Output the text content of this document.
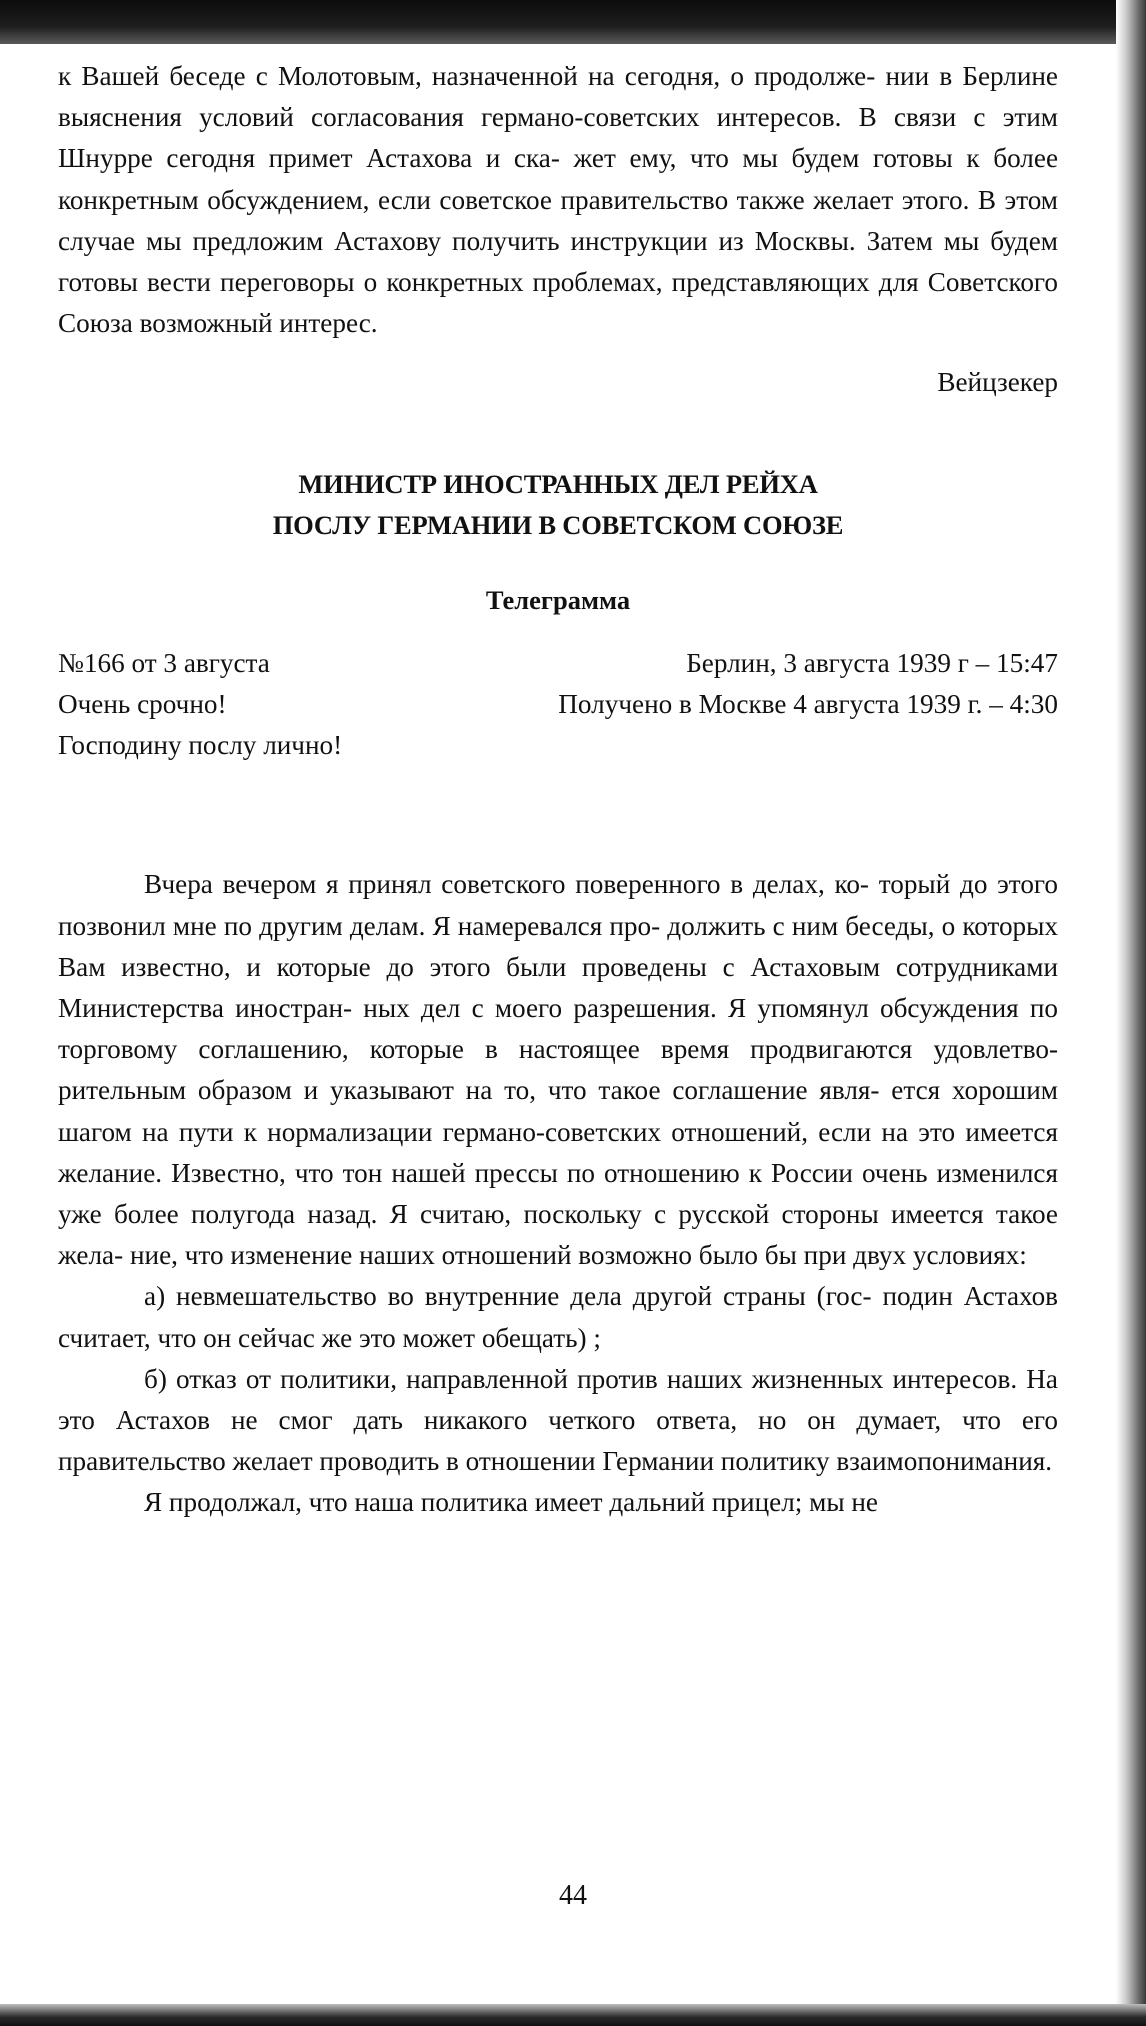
к Вашей беседе с Молотовым, назначенной на сегодня, о продолже- нии в Берлине выяснения условий согласования германо-советских интересов. В связи с этим Шнурре сегодня примет Астахова и ска- жет ему, что мы будем готовы к более конкретным обсуждением, если советское правительство также желает этого. В этом случае мы предложим Астахову получить инструкции из Москвы. Затем мы будем готовы вести переговоры о конкретных проблемах, представляющих для Советского Союза возможный интерес.

Вейцзекер

МИНИСТР ИНОСТРАННЫХ ДЕЛ РЕЙХА
ПОСЛУ ГЕРМАНИИ В СОВЕТСКОМ СОЮЗЕ
Телеграмма
№166 от 3 августа	Берлин, 3 августа 1939 г – 15:47
Очень срочно!	Получено в Москве 4 августа 1939 г. – 4:30
Господину послу лично!

Вчера вечером я принял советского поверенного в делах, ко- торый до этого позвонил мне по другим делам. Я намеревался про- должить с ним беседы, о которых Вам известно, и которые до этого были проведены с Астаховым сотрудниками Министерства иностран- ных дел с моего разрешения. Я упомянул обсуждения по торговому соглашению, которые в настоящее время продвигаются удовлетво- рительным образом и указывают на то, что такое соглашение явля- ется хорошим шагом на пути к нормализации германо-советских отношений, если на это имеется желание. Известно, что тон нашей прессы по отношению к России очень изменился уже более полугода назад. Я считаю, поскольку с русской стороны имеется такое жела- ние, что изменение наших отношений возможно было бы при двух условиях:

а) невмешательство во внутренние дела другой страны (гос- подин Астахов считает, что он сейчас же это может обещать) ;

б) отказ от политики, направленной против наших жизненных интересов. На это Астахов не смог дать никакого четкого ответа, но он думает, что его правительство желает проводить в отношении Германии политику взаимопонимания.

Я продолжал, что наша политика имеет дальний прицел; мы не

44
